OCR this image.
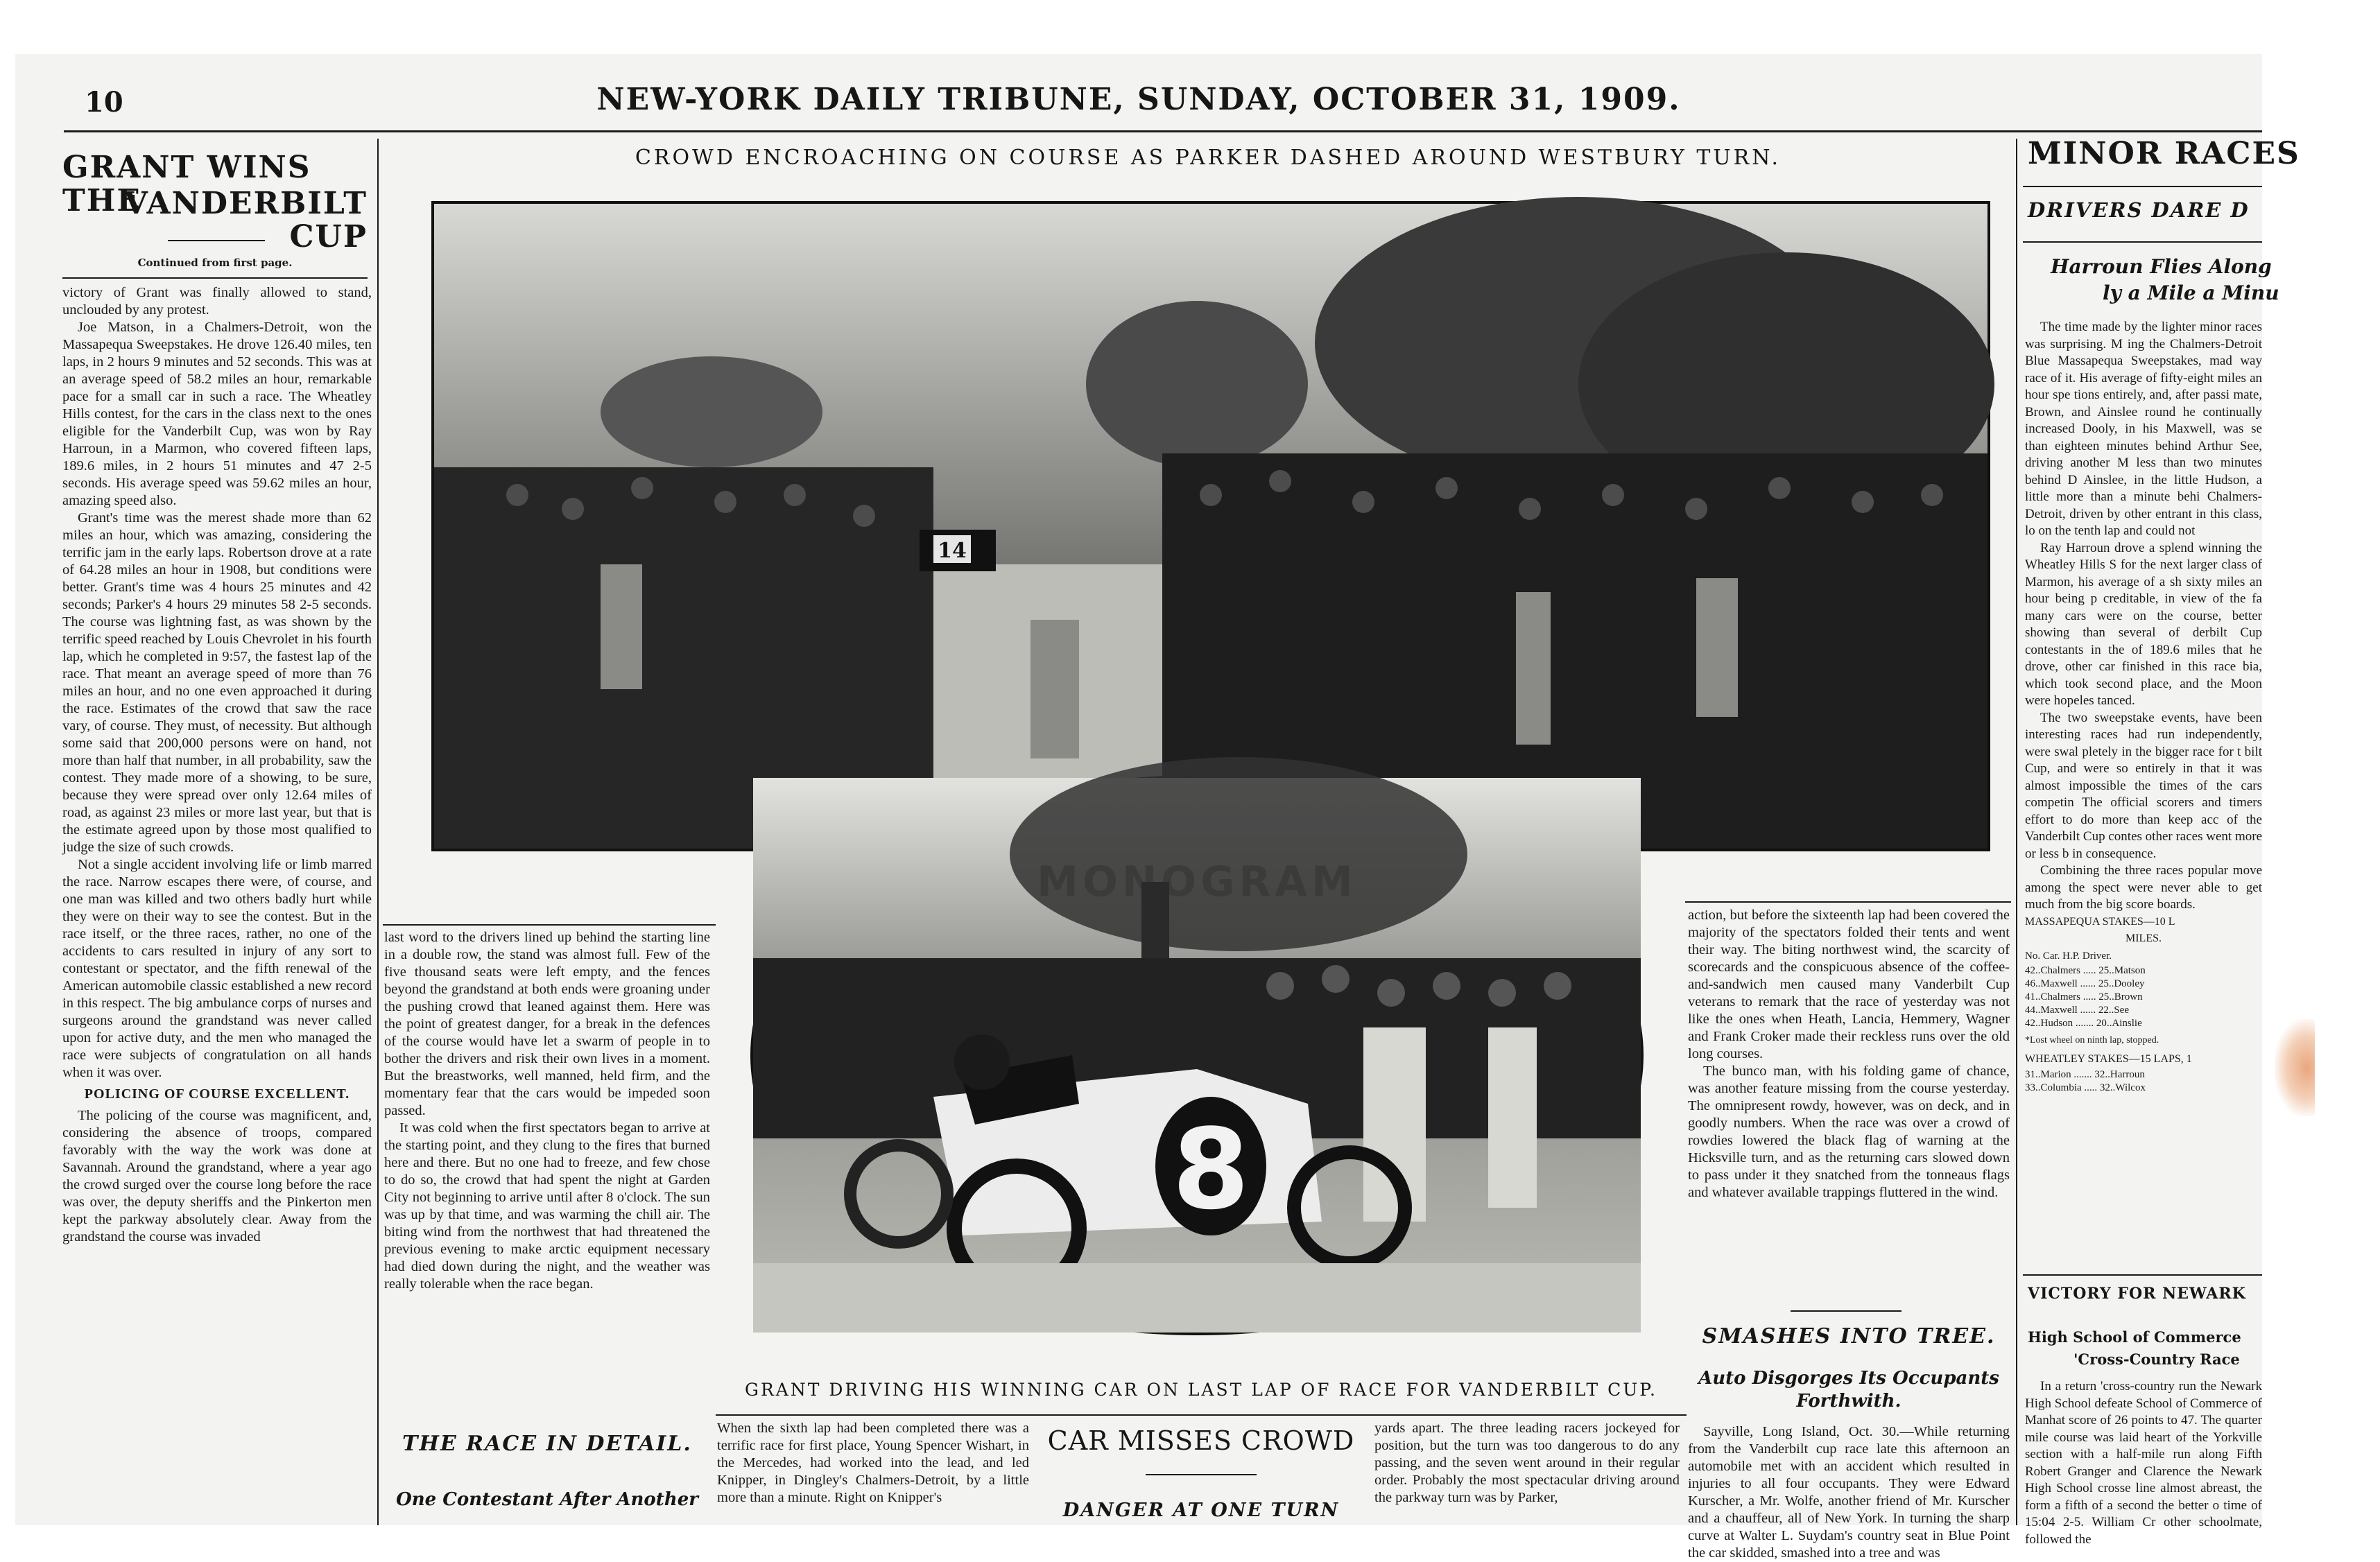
10	NEW-YORK DAILY TRIBUNE, SUNDAY, OCTOBER 31, 1909.
GRANT WINS THE
VANDERBILT CUP
Continued from first page.

victory of Grant was finally allowed to stand, unclouded by any protest.

Joe Matson, in a Chalmers-Detroit, won the Massapequa Sweepstakes. He drove 126.40 miles, ten laps, in 2 hours 9 minutes and 52 seconds. This was at an average speed of 58.2 miles an hour, remarkable pace for a small car in such a race. The Wheatley Hills contest, for the cars in the class next to the ones eligible for the Vanderbilt Cup, was won by Ray Harroun, in a Marmon, who covered fifteen laps, 189.6 miles, in 2 hours 51 minutes and 47 2-5 seconds. His average speed was 59.62 miles an hour, amazing speed also.

Grant's time was the merest shade more than 62 miles an hour, which was amazing, considering the terrific jam in the early laps. Robertson drove at a rate of 64.28 miles an hour in 1908, but conditions were better. Grant's time was 4 hours 25 minutes and 42 seconds; Parker's 4 hours 29 minutes 58 2-5 seconds. The course was lightning fast, as was shown by the terrific speed reached by Louis Chevrolet in his fourth lap, which he completed in 9:57, the fastest lap of the race. That meant an average speed of more than 76 miles an hour, and no one even approached it during the race. Estimates of the crowd that saw the race vary, of course. They must, of necessity. But although some said that 200,000 persons were on hand, not more than half that number, in all probability, saw the contest. They made more of a showing, to be sure, because they were spread over only 12.64 miles of road, as against 23 miles or more last year, but that is the estimate agreed upon by those most qualified to judge the size of such crowds.

Not a single accident involving life or limb marred the race. Narrow escapes there were, of course, and one man was killed and two others badly hurt while they were on their way to see the contest. But in the race itself, or the three races, rather, no one of the accidents to cars resulted in injury of any sort to contestant or spectator, and the fifth renewal of the American automobile classic established a new record in this respect. The big ambulance corps of nurses and surgeons around the grandstand was never called upon for active duty, and the men who managed the race were subjects of congratulation on all hands when it was over.

POLICING OF COURSE EXCELLENT.

The policing of the course was magnificent, and, considering the absence of troops, compared favorably with the way the work was done at Savannah. Around the grandstand, where a year ago the crowd surged over the course long before the race was over, the deputy sheriffs and the Pinkerton men kept the parkway absolutely clear. Away from the grandstand the course was invaded

CROWD ENCROACHING ON COURSE AS PARKER DASHED AROUND WESTBURY TURN.
14
8

last word to the drivers lined up behind the starting line in a double row, the stand was almost full. Few of the five thousand seats were left empty, and the fences beyond the grandstand at both ends were groaning under the pushing crowd that leaned against them. Here was the point of greatest danger, for a break in the defences of the course would have let a swarm of people in to bother the drivers and risk their own lives in a moment. But the breastworks, well manned, held firm, and the momentary fear that the cars would be impeded soon passed.

It was cold when the first spectators began to arrive at the starting point, and they clung to the fires that burned here and there. But no one had to freeze, and few chose to do so, the crowd that had spent the night at Garden City not beginning to arrive until after 8 o'clock. The sun was up by that time, and was warming the chill air. The biting wind from the northwest that had threatened the previous evening to make arctic equipment necessary had died down during the night, and the weather was really tolerable when the race began.

THE RACE IN DETAIL.
One Contestant After Another

action, but before the sixteenth lap had been covered the majority of the spectators folded their tents and went their way. The biting northwest wind, the scarcity of scorecards and the conspicuous absence of the coffee-and-sandwich men caused many Vanderbilt Cup veterans to remark that the race of yesterday was not like the ones when Heath, Lancia, Hemmery, Wagner and Frank Croker made their reckless runs over the old long courses.

The bunco man, with his folding game of chance, was another feature missing from the course yesterday. The omnipresent rowdy, however, was on deck, and in goodly numbers. When the race was over a crowd of rowdies lowered the black flag of warning at the Hicksville turn, and as the returning cars slowed down to pass under it they snatched from the tonneaus flags and whatever available trappings fluttered in the wind.

SMASHES INTO TREE.
Auto Disgorges Its Occupants
Forthwith.

Sayville, Long Island, Oct. 30.—While returning from the Vanderbilt cup race late this afternoon an automobile met with an accident which resulted in injuries to all four occupants. They were Edward Kurscher, a Mr. Wolfe, another friend of Mr. Kurscher and a chauffeur, all of New York. In turning the sharp curve at Walter L. Suydam's country seat in Blue Point the car skidded, smashed into a tree and was

GRANT DRIVING HIS WINNING CAR ON LAST LAP OF RACE FOR VANDERBILT CUP.
When the sixth lap had been completed there was a terrific race for first place, Young Spencer Wishart, in the Mercedes, had worked into the lead, and led Knipper, in Dingley's Chalmers-Detroit, by a little more than a minute. Right on Knipper's
CAR MISSES CROWD
DANGER AT ONE TURN
yards apart. The three leading racers jockeyed for position, but the turn was too dangerous to do any passing, and the seven went around in their regular order. Probably the most spectacular driving around the parkway turn was by Parker,
MINOR RACES
DRIVERS DARE D
Harroun Flies Along
ly a Mile a Minu

The time made by the lighter minor races was surprising. M ing the Chalmers-Detroit Blue Massapequa Sweepstakes, mad way race of it. His average of fifty-eight miles an hour spe tions entirely, and, after passi mate, Brown, and Ainslee round he continually increased Dooly, in his Maxwell, was se than eighteen minutes behind Arthur See, driving another M less than two minutes behind D Ainslee, in the little Hudson, a little more than a minute behi Chalmers-Detroit, driven by other entrant in this class, lo on the tenth lap and could not

Ray Harroun drove a splend winning the Wheatley Hills S for the next larger class of Marmon, his average of a sh sixty miles an hour being p creditable, in view of the fa many cars were on the course, better showing than several of derbilt Cup contestants in the of 189.6 miles that he drove, other car finished in this race bia, which took second place, and the Moon were hopeles tanced.

The two sweepstake events, have been interesting races had run independently, were swal pletely in the bigger race for t bilt Cup, and were so entirely in that it was almost impossible the times of the cars competin The official scorers and timers effort to do more than keep acc of the Vanderbilt Cup contes other races went more or less b in consequence.

Combining the three races popular move among the spect were never able to get much from the big score boards.

MASSAPEQUA STAKES—10 L
MILES.
No. Car. H.P. Driver.
42..Chalmers ..... 25..Matson
46..Maxwell ...... 25..Dooley
41..Chalmers ..... 25..Brown
44..Maxwell ...... 22..See
42..Hudson ....... 20..Ainslie
*Lost wheel on ninth lap, stopped.
WHEATLEY STAKES—15 LAPS, 1
31..Marion ....... 32..Harroun
33..Columbia ..... 32..Wilcox
VICTORY FOR NEWARK
High School of Commerce
'Cross-Country Race

In a return 'cross-country run the Newark High School defeate School of Commerce of Manhat score of 26 points to 47. The quarter mile course was laid heart of the Yorkville section with a half-mile run along Fifth Robert Granger and Clarence the Newark High School crosse line almost abreast, the form a fifth of a second the better o time of 15:04 2-5. William Cr other schoolmate, followed the
